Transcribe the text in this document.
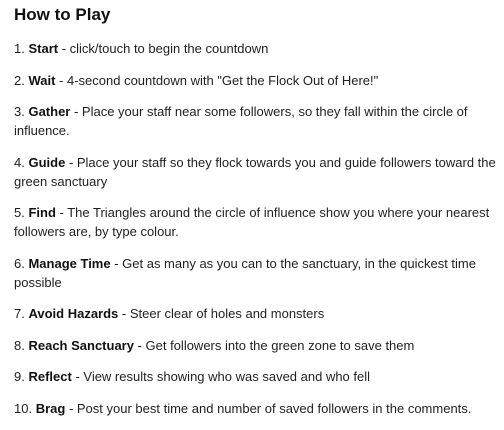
How to Play
1. Start - click/touch to begin the countdown
2. Wait - 4-second countdown with "Get the Flock Out of Here!"
3. Gather - Place your staff near some followers, so they fall within the circle of influence.
4. Guide - Place your staff so they flock towards you and guide followers toward the green sanctuary
5. Find - The Triangles around the circle of influence show you where your nearest followers are, by type colour.
6. Manage Time - Get as many as you can to the sanctuary, in the quickest time possible
7. Avoid Hazards - Steer clear of holes and monsters
8. Reach Sanctuary - Get followers into the green zone to save them
9. Reflect - View results showing who was saved and who fell
10. Brag - Post your best time and number of saved followers in the comments.
